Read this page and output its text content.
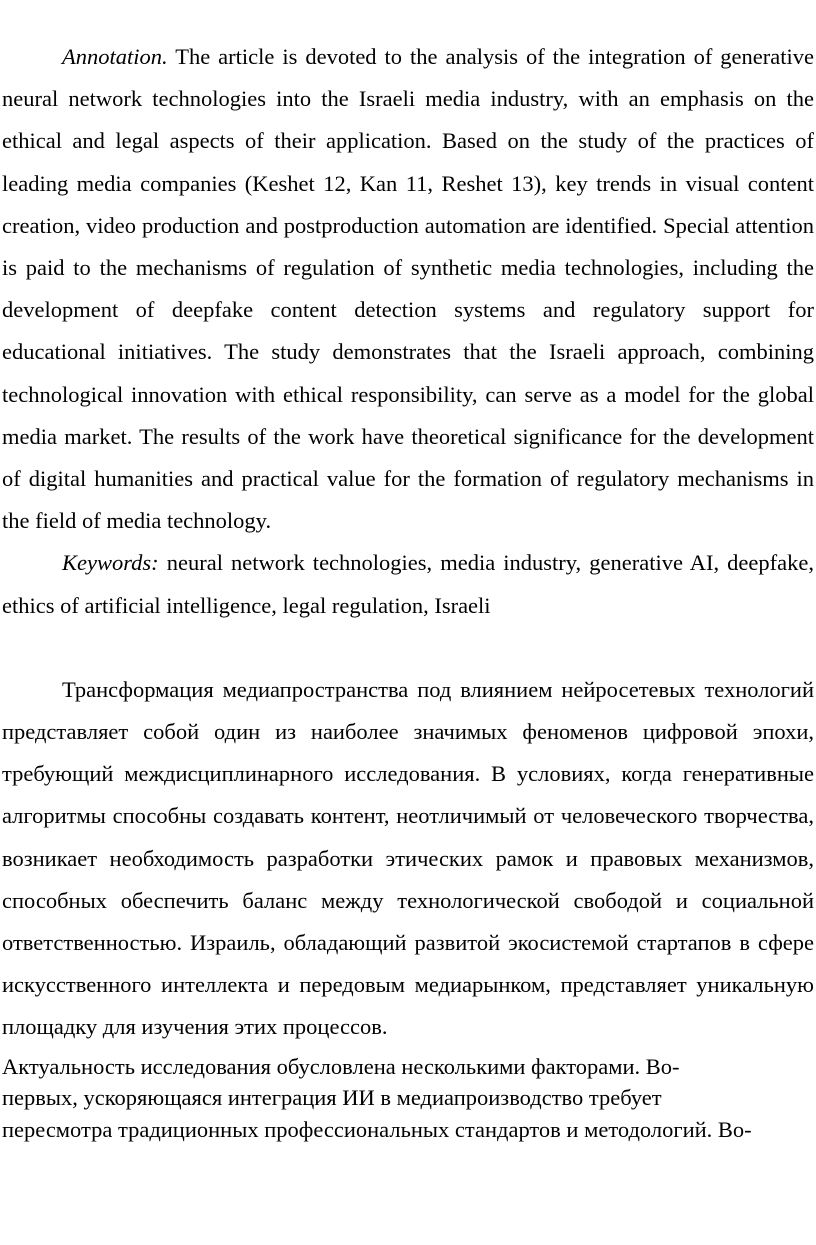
Annotation. The article is devoted to the analysis of the integration of generative neural network technologies into the Israeli media industry, with an emphasis on the ethical and legal aspects of their application. Based on the study of the practices of leading media companies (Keshet 12, Kan 11, Reshet 13), key trends in visual content creation, video production and postproduction automation are identified. Special attention is paid to the mechanisms of regulation of synthetic media technologies, including the development of deepfake content detection systems and regulatory support for educational initiatives. The study demonstrates that the Israeli approach, combining technological innovation with ethical responsibility, can serve as a model for the global media market. The results of the work have theoretical significance for the development of digital humanities and practical value for the formation of regulatory mechanisms in the field of media technology.

Keywords: neural network technologies, media industry, generative AI, deepfake, ethics of artificial intelligence, legal regulation, Israeli

Трансформация медиапространства под влиянием нейросетевых технологий представляет собой один из наиболее значимых феноменов цифровой эпохи, требующий междисциплинарного исследования. В условиях, когда генеративные алгоритмы способны создавать контент, неотличимый от человеческого творчества, возникает необходимость разработки этических рамок и правовых механизмов, способных обеспечить баланс между технологической свободой и социальной ответственностью. Израиль, обладающий развитой экосистемой стартапов в сфере искусственного интеллекта и передовым медиарынком, представляет уникальную площадку для изучения этих процессов.

Актуальность исследования обусловлена несколькими факторами. Во-
первых, ускоряющаяся интеграция ИИ в медиапроизводство требует
пересмотра традиционных профессиональных стандартов и методологий. Во-
